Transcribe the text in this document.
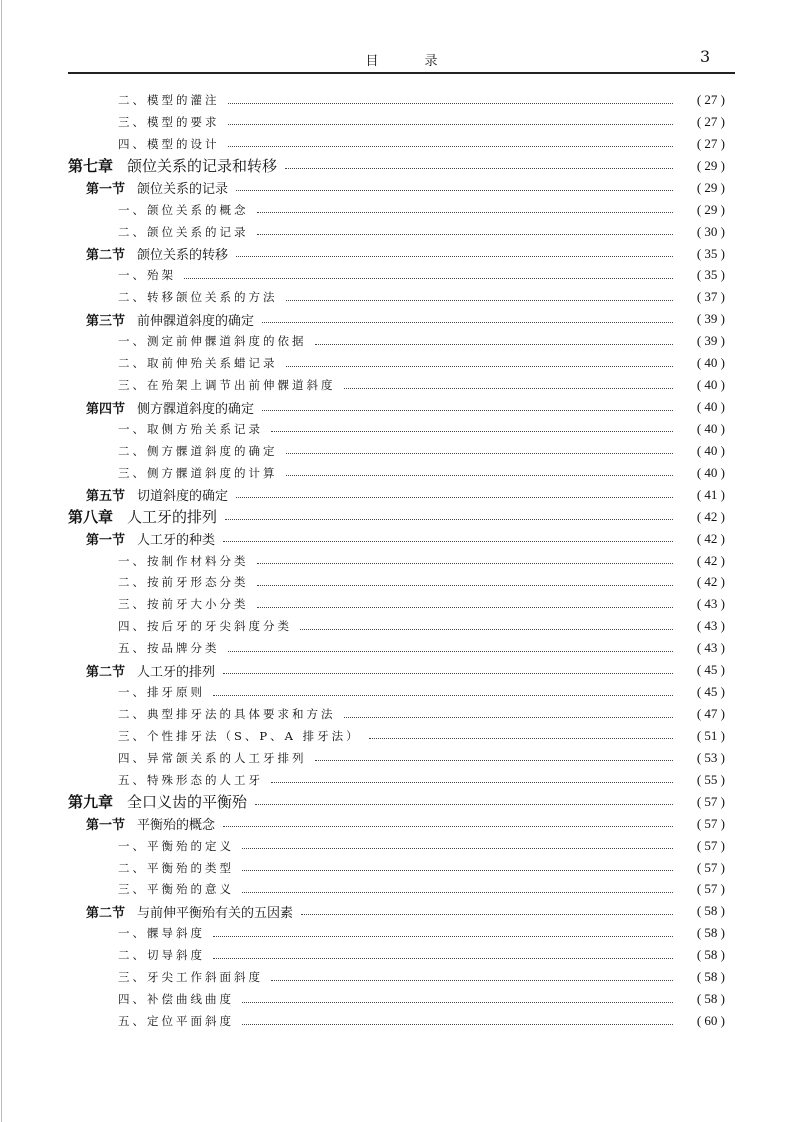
目录	3
二、模型的灌注	( 27 )
三、模型的要求	( 27 )
四、模型的设计	( 27 )
第七章 颌位关系的记录和转移	( 29 )
第一节 颌位关系的记录	( 29 )
一、颌位关系的概念	( 29 )
二、颌位关系的记录	( 30 )
第二节 颌位关系的转移	( 35 )
一、殆架	( 35 )
二、转移颌位关系的方法	( 37 )
第三节 前伸髁道斜度的确定	( 39 )
一、测定前伸髁道斜度的依据	( 39 )
二、取前伸殆关系蜡记录	( 40 )
三、在殆架上调节出前伸髁道斜度	( 40 )
第四节 侧方髁道斜度的确定	( 40 )
一、取侧方殆关系记录	( 40 )
二、侧方髁道斜度的确定	( 40 )
三、侧方髁道斜度的计算	( 40 )
第五节 切道斜度的确定	( 41 )
第八章 人工牙的排列	( 42 )
第一节 人工牙的种类	( 42 )
一、按制作材料分类	( 42 )
二、按前牙形态分类	( 42 )
三、按前牙大小分类	( 43 )
四、按后牙的牙尖斜度分类	( 43 )
五、按品牌分类	( 43 )
第二节 人工牙的排列	( 45 )
一、排牙原则	( 45 )
二、典型排牙法的具体要求和方法	( 47 )
三、个性排牙法（S、P、A 排牙法）	( 51 )
四、异常颌关系的人工牙排列	( 53 )
五、特殊形态的人工牙	( 55 )
第九章 全口义齿的平衡殆	( 57 )
第一节 平衡殆的概念	( 57 )
一、平衡殆的定义	( 57 )
二、平衡殆的类型	( 57 )
三、平衡殆的意义	( 57 )
第二节 与前伸平衡殆有关的五因素	( 58 )
一、髁导斜度	( 58 )
二、切导斜度	( 58 )
三、牙尖工作斜面斜度	( 58 )
四、补偿曲线曲度	( 58 )
五、定位平面斜度	( 60 )
